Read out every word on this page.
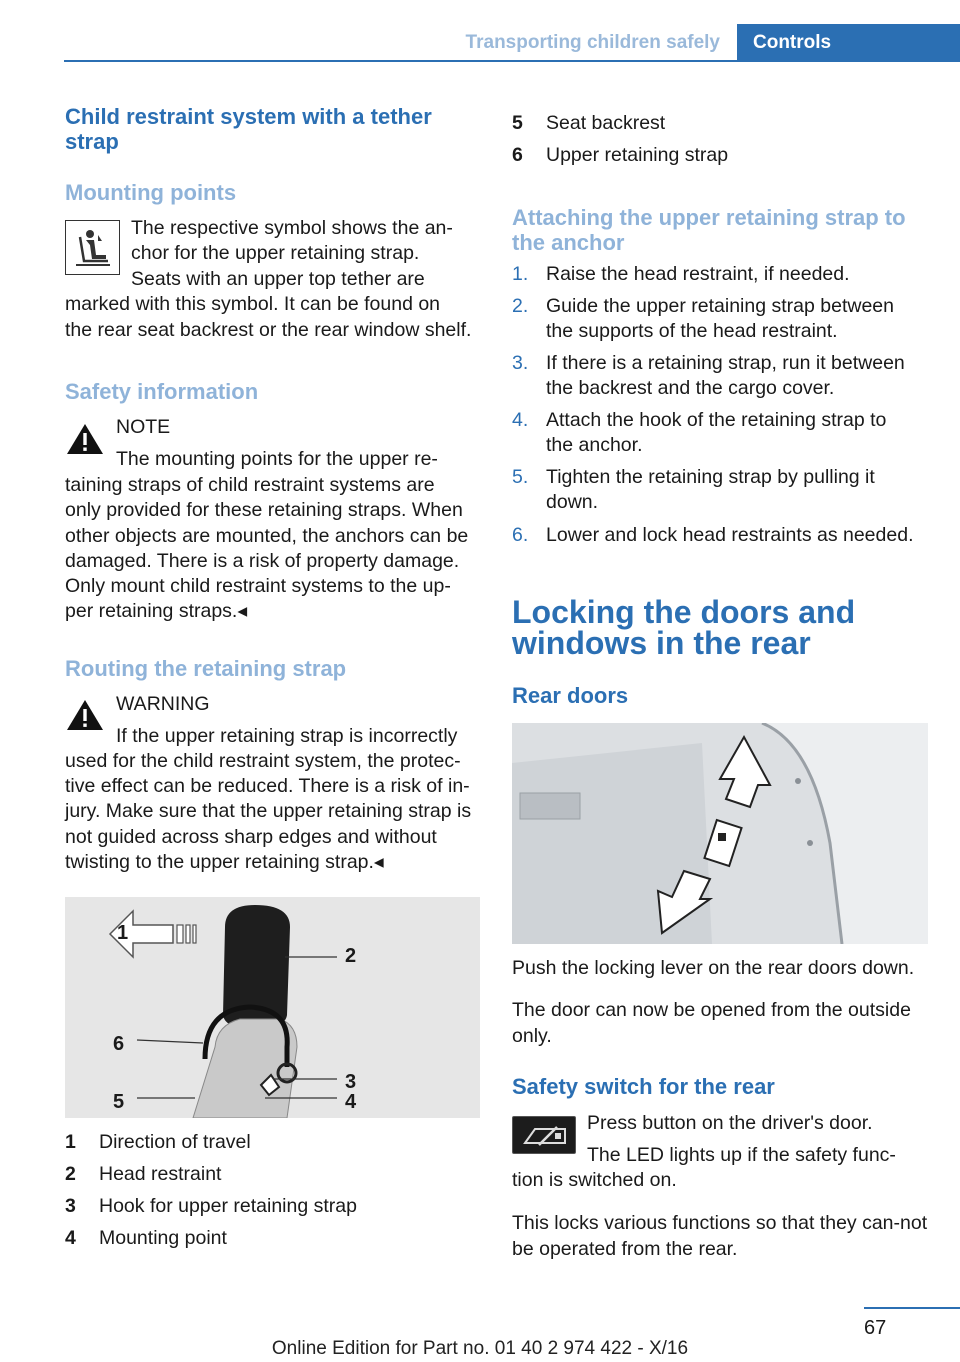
Transporting children safely	Controls
Child restraint system with a tether strap
Mounting points
The respective symbol shows the an‐
chor for the upper retaining strap.
Seats with an upper top tether are
marked with this symbol. It can be found on
the rear seat backrest or the rear window shelf.
Safety information
NOTE
The mounting points for the upper re‐
taining straps of child restraint systems are
only provided for these retaining straps. When
other objects are mounted, the anchors can be
damaged. There is a risk of property damage.
Only mount child restraint systems to the up‐
per retaining straps.◂
Routing the retaining strap
WARNING
If the upper retaining strap is incorrectly
used for the child restraint system, the protec‐
tive effect can be reduced. There is a risk of in‐
jury. Make sure that the upper retaining strap is
not guided across sharp edges and without
twisting to the upper retaining strap.◂
1
2
3
4
5
6
1 Direction of travel
2 Head restraint
3 Hook for upper retaining strap
4 Mounting point
5 Seat backrest
6 Upper retaining strap
Attaching the upper retaining strap to the anchor
1. Raise the head restraint, if needed.
2. Guide the upper retaining strap between
the supports of the head restraint.
3. If there is a retaining strap, run it between
the backrest and the cargo cover.
4. Attach the hook of the retaining strap to
the anchor.
5. Tighten the retaining strap by pulling it
down.
6. Lower and lock head restraints as needed.
Locking the doors and windows in the rear
Rear doors
Push the locking lever on the rear doors down.
The door can now be opened from the outside only.
Safety switch for the rear
Press button on the driver's door.
The LED lights up if the safety func‐
tion is switched on.
This locks various functions so that they can‐not be operated from the rear.
67
Online Edition for Part no. 01 40 2 974 422 - X/16
